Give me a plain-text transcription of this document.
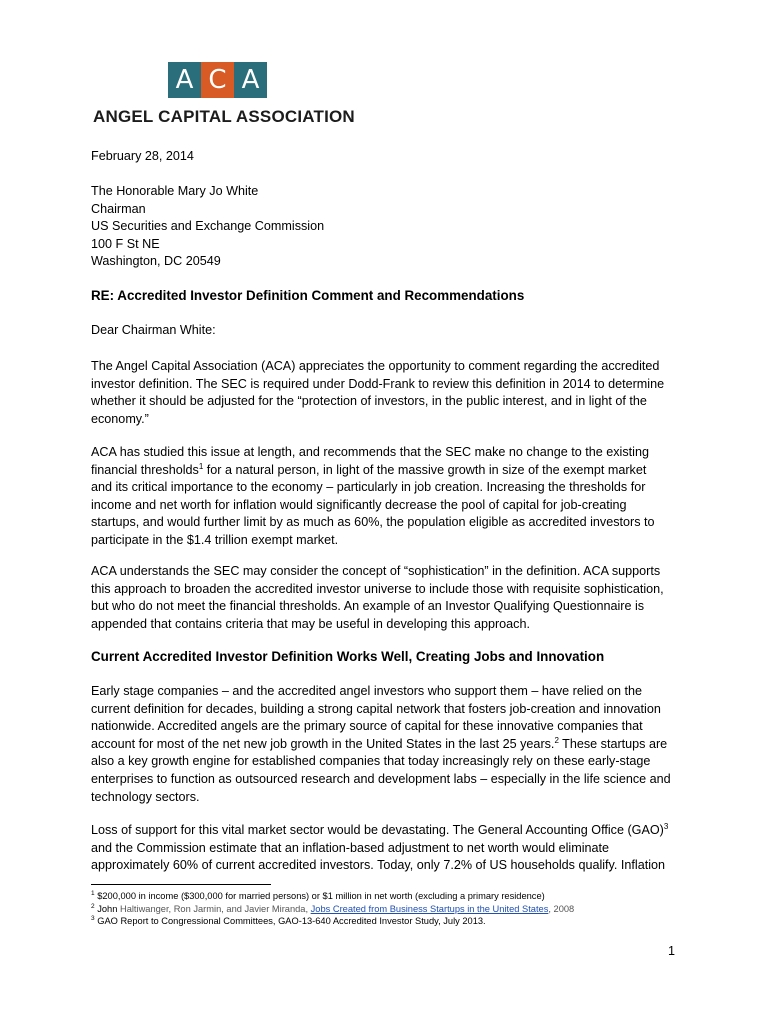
A C A
ANGEL CAPITAL ASSOCIATION
February 28, 2014
The Honorable Mary Jo White
Chairman
US Securities and Exchange Commission
100 F St NE
Washington, DC 20549
RE: Accredited Investor Definition Comment and Recommendations
Dear Chairman White:
The Angel Capital Association (ACA) appreciates the opportunity to comment regarding the accredited
investor definition. The SEC is required under Dodd-Frank to review this definition in 2014 to determine
whether it should be adjusted for the “protection of investors, in the public interest, and in light of the
economy.”
ACA has studied this issue at length, and recommends that the SEC make no change to the existing
financial thresholds$^1$ for a natural person, in light of the massive growth in size of the exempt market
and its critical importance to the economy – particularly in job creation. Increasing the thresholds for
income and net worth for inflation would significantly decrease the pool of capital for job-creating
startups, and would further limit by as much as 60%, the population eligible as accredited investors to
participate in the $1.4 trillion exempt market.
ACA understands the SEC may consider the concept of “sophistication” in the definition. ACA supports
this approach to broaden the accredited investor universe to include those with requisite sophistication,
but who do not meet the financial thresholds. An example of an Investor Qualifying Questionnaire is
appended that contains criteria that may be useful in developing this approach.
Current Accredited Investor Definition Works Well, Creating Jobs and Innovation
Early stage companies – and the accredited angel investors who support them – have relied on the
current definition for decades, building a strong capital network that fosters job-creation and innovation
nationwide. Accredited angels are the primary source of capital for these innovative companies that
account for most of the net new job growth in the United States in the last 25 years.$^2$ These startups are
also a key growth engine for established companies that today increasingly rely on these early-stage
enterprises to function as outsourced research and development labs – especially in the life science and
technology sectors.
Loss of support for this vital market sector would be devastating. The General Accounting Office (GAO)$^3$
and the Commission estimate that an inflation-based adjustment to net worth would eliminate
approximately 60% of current accredited investors. Today, only 7.2% of US households qualify. Inflation
$^1$ $200,000 in income ($300,000 for married persons) or $1 million in net worth (excluding a primary residence)
$^2$ John Haltiwanger, Ron Jarmin, and Javier Miranda, Jobs Created from Business Startups in the United States, 2008
$^3$ GAO Report to Congressional Committees, GAO-13-640 Accredited Investor Study, July 2013.
1
